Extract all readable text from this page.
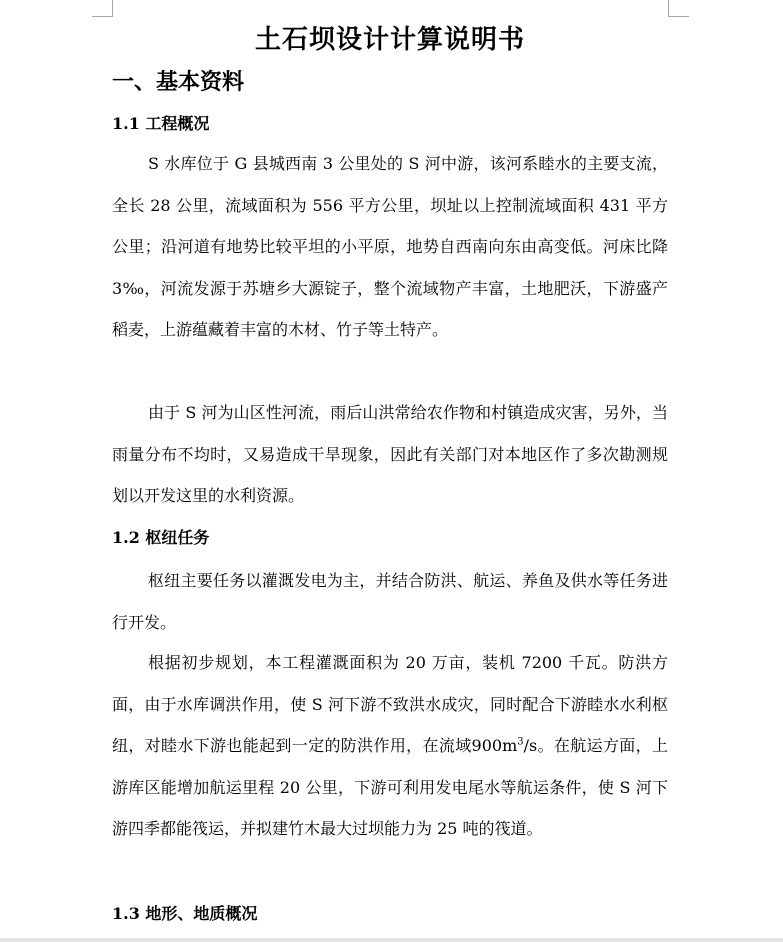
土石坝设计计算说明书
一、基本资料
1.1 工程概况
S 水库位于 G 县城西南 3 公里处的 S 河中游，该河系睦水的主要支流，全长 28 公里，流域面积为 556 平方公里，坝址以上控制流域面积 431 平方公里；沿河道有地势比较平坦的小平原，地势自西南向东由高变低。河床比降 3‰，河流发源于苏塘乡大源锭子，整个流域物产丰富，土地肥沃，下游盛产稻麦，上游蕴藏着丰富的木材、竹子等土特产。
由于 S 河为山区性河流，雨后山洪常给农作物和村镇造成灾害，另外，当雨量分布不均时，又易造成干旱现象，因此有关部门对本地区作了多次勘测规划以开发这里的水利资源。
1.2 枢纽任务
枢纽主要任务以灌溉发电为主，并结合防洪、航运、养鱼及供水等任务进行开发。
根据初步规划，本工程灌溉面积为 20 万亩，装机 7200 千瓦。防洪方面，由于水库调洪作用，使 S 河下游不致洪水成灾，同时配合下游睦水水利枢纽，对睦水下游也能起到一定的防洪作用，在流域$900m^3/s$。在航运方面，上游库区能增加航运里程 20 公里，下游可利用发电尾水等航运条件，使 S 河下游四季都能筏运，并拟建竹木最大过坝能力为 25 吨的筏道。
1.3 地形、地质概况
